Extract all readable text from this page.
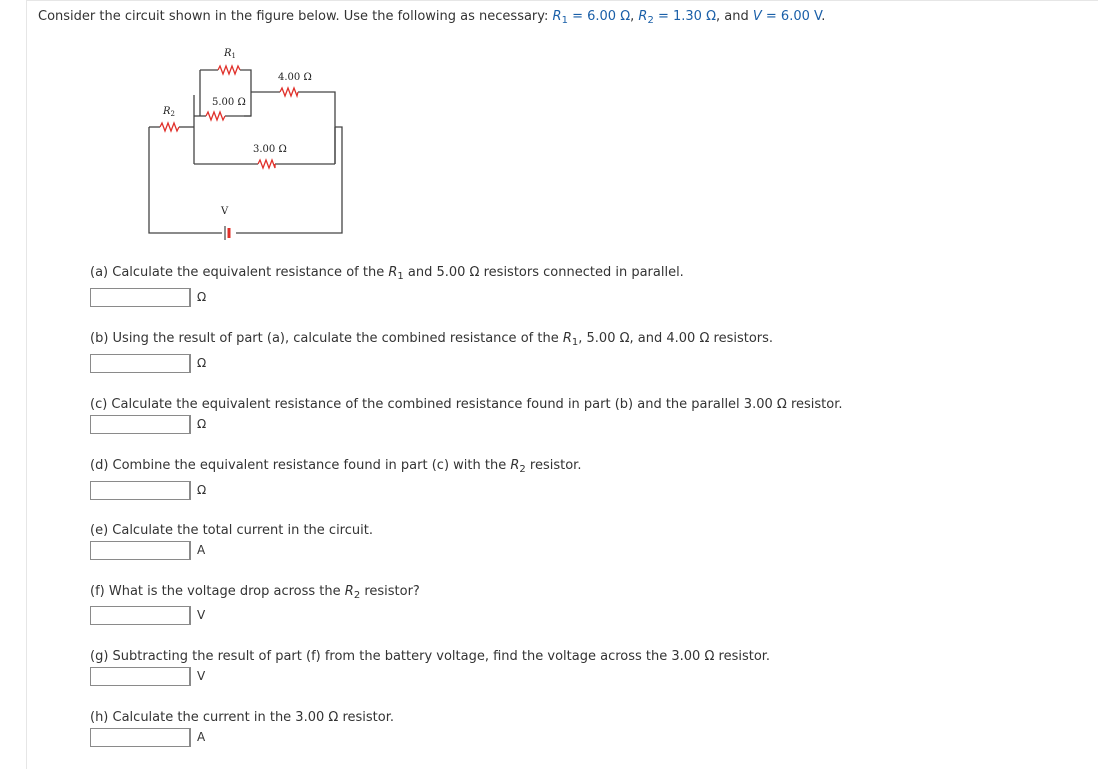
Consider the circuit shown in the figure below. Use the following as necessary: $R_1 = 6.00$ Ω, $R_2 = 1.30$ Ω, and V = 6.00 V.
$R_1$
4.00 Ω
5.00 Ω
$R_2$
3.00 Ω
V
(a) Calculate the equivalent resistance of the $R_1$ and 5.00 Ω resistors connected in parallel.
Ω
(b) Using the result of part (a), calculate the combined resistance of the $R_1$, 5.00 Ω, and 4.00 Ω resistors.
Ω
(c) Calculate the equivalent resistance of the combined resistance found in part (b) and the parallel 3.00 Ω resistor.
Ω
(d) Combine the equivalent resistance found in part (c) with the $R_2$ resistor.
Ω
(e) Calculate the total current in the circuit.
A
(f) What is the voltage drop across the $R_2$ resistor?
V
(g) Subtracting the result of part (f) from the battery voltage, find the voltage across the 3.00 Ω resistor.
V
(h) Calculate the current in the 3.00 Ω resistor.
A
